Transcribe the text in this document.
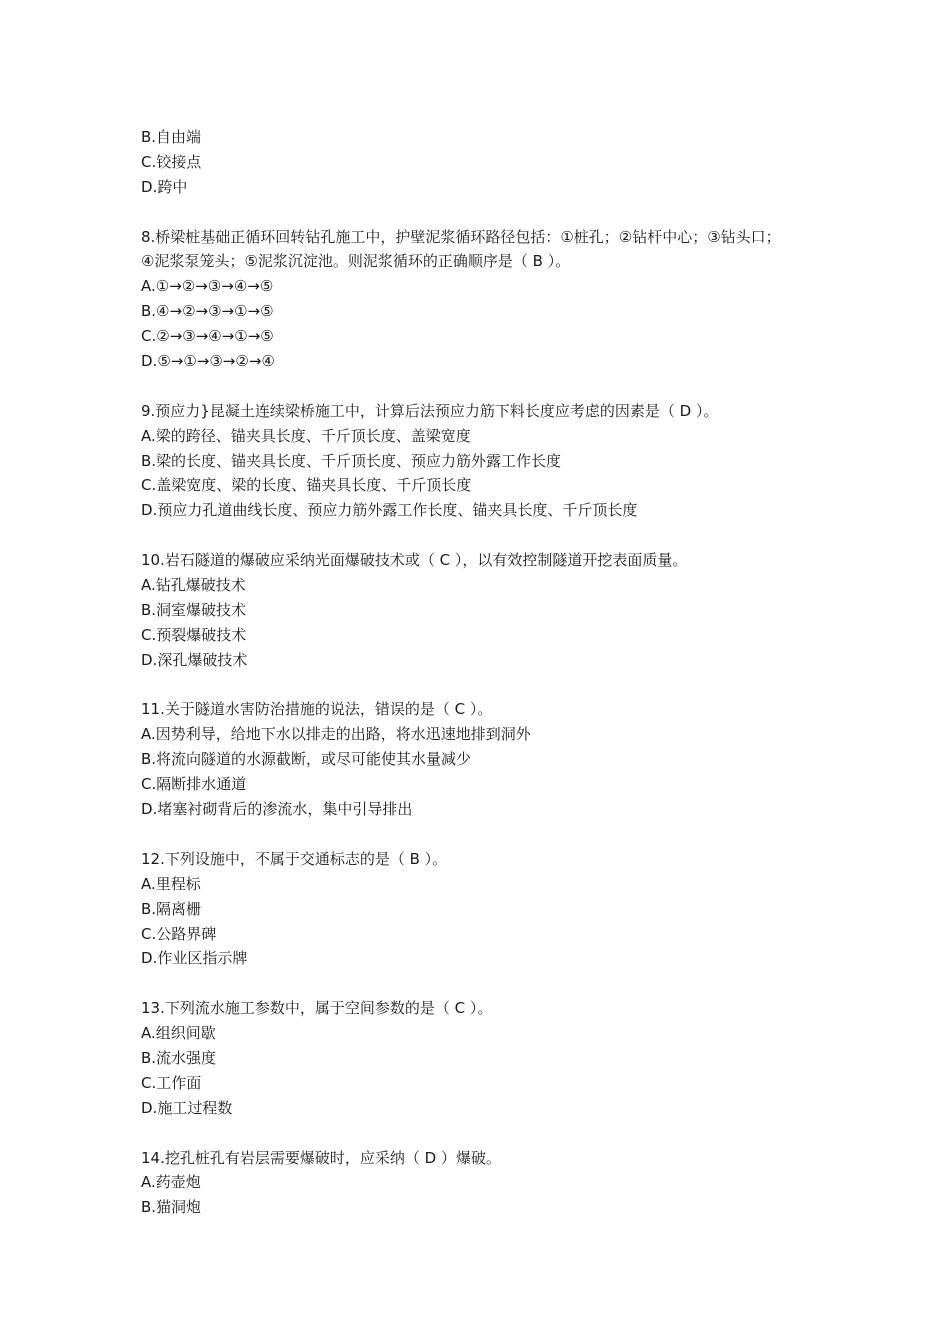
B.自由端
C.铰接点
D.跨中
8.桥梁桩基础正循环回转钻孔施工中，护壁泥浆循环路径包括：①桩孔；②钻杆中心；③钻头口；
④泥浆泵笼头；⑤泥浆沉淀池。则泥浆循环的正确顺序是（ B ）。
A.①→②→③→④→⑤
B.④→②→③→①→⑤
C.②→③→④→①→⑤
D.⑤→①→③→②→④
9.预应力}昆凝土连续梁桥施工中，计算后法预应力筋下料长度应考虑的因素是（ D ）。
A.梁的跨径、锚夹具长度、千斤顶长度、盖梁宽度
B.梁的长度、锚夹具长度、千斤顶长度、预应力筋外露工作长度
C.盖梁宽度、梁的长度、锚夹具长度、千斤顶长度
D.预应力孔道曲线长度、预应力筋外露工作长度、锚夹具长度、千斤顶长度
10.岩石隧道的爆破应采纳光面爆破技术或（ C ），以有效控制隧道开挖表面质量。
A.钻孔爆破技术
B.洞室爆破技术
C.预裂爆破技术
D.深孔爆破技术
11.关于隧道水害防治措施的说法，错误的是（ C ）。
A.因势利导，给地下水以排走的出路，将水迅速地排到洞外
B.将流向隧道的水源截断，或尽可能使其水量减少
C.隔断排水通道
D.堵塞衬砌背后的渗流水，集中引导排出
12.下列设施中，不属于交通标志的是（ B ）。
A.里程标
B.隔离栅
C.公路界碑
D.作业区指示牌
13.下列流水施工参数中，属于空间参数的是（ C ）。
A.组织间歇
B.流水强度
C.工作面
D.施工过程数
14.挖孔桩孔有岩层需要爆破时，应采纳（ D ）爆破。
A.药壶炮
B.猫洞炮
